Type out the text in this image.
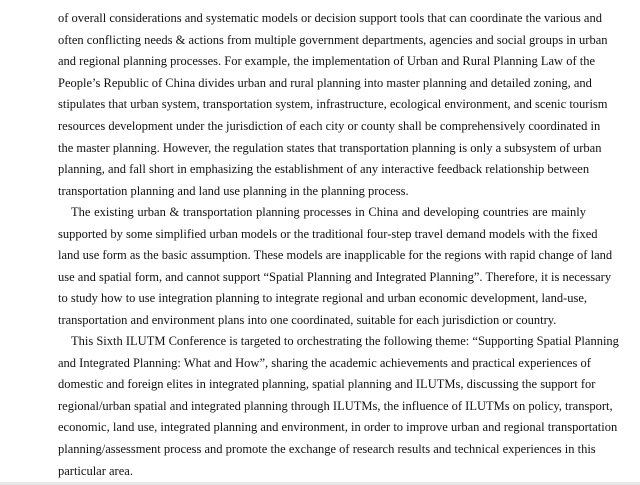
of overall considerations and systematic models or decision support tools that can coordinate the various and
often conflicting needs & actions from multiple government departments, agencies and social groups in urban
and regional planning processes. For example, the implementation of Urban and Rural Planning Law of the
People’s Republic of China divides urban and rural planning into master planning and detailed zoning, and
stipulates that urban system, transportation system, infrastructure, ecological environment, and scenic tourism
resources development under the jurisdiction of each city or county shall be comprehensively coordinated in
the master planning. However, the regulation states that transportation planning is only a subsystem of urban
planning, and fall short in emphasizing the establishment of any interactive feedback relationship between
transportation planning and land use planning in the planning process.

The existing urban & transportation planning processes in China and developing countries are mainly
supported by some simplified urban models or the traditional four-step travel demand models with the fixed
land use form as the basic assumption. These models are inapplicable for the regions with rapid change of land
use and spatial form, and cannot support “Spatial Planning and Integrated Planning”. Therefore, it is necessary
to study how to use integration planning to integrate regional and urban economic development, land-use,
transportation and environment plans into one coordinated, suitable for each jurisdiction or country.

This Sixth ILUTM Conference is targeted to orchestrating the following theme: “Supporting Spatial Planning
and Integrated Planning: What and How”, sharing the academic achievements and practical experiences of
domestic and foreign elites in integrated planning, spatial planning and ILUTMs, discussing the support for
regional/urban spatial and integrated planning through ILUTMs, the influence of ILUTMs on policy, transport,
economic, land use, integrated planning and environment, in order to improve urban and regional transportation
planning/assessment process and promote the exchange of research results and technical experiences in this
particular area.
